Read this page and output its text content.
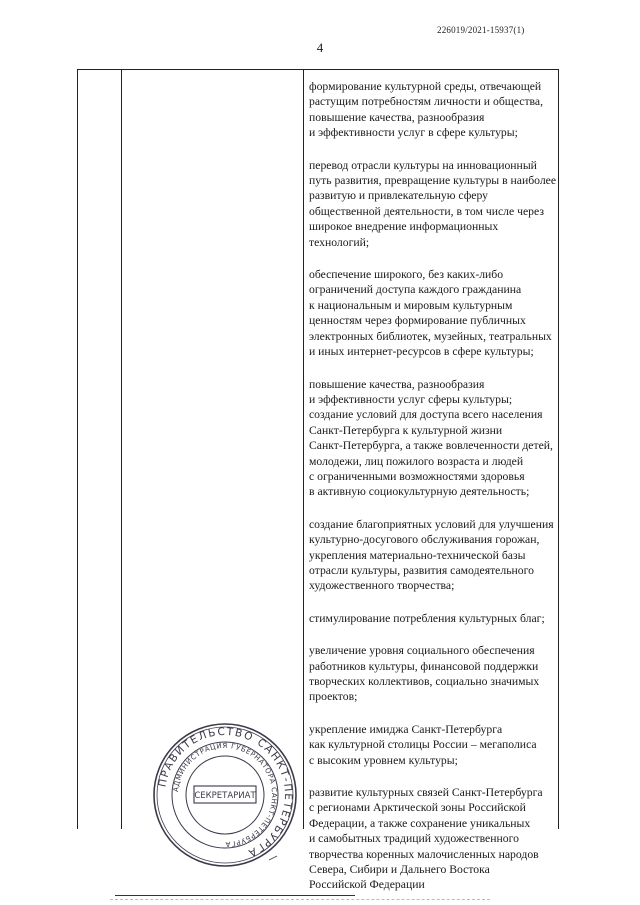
226019/2021-15937(1)
4
формирование культурной среды, отвечающей
растущим потребностям личности и общества,
повышение качества, разнообразия
и эффективности услуг в сфере культуры;
перевод отрасли культуры на инновационный
путь развития, превращение культуры в наиболее
развитую и привлекательную сферу
общественной деятельности, в том числе через
широкое внедрение информационных
технологий;
обеспечение широкого, без каких-либо
ограничений доступа каждого гражданина
к национальным и мировым культурным
ценностям через формирование публичных
электронных библиотек, музейных, театральных
и иных интернет-ресурсов в сфере культуры;
повышение качества, разнообразия
и эффективности услуг сферы культуры;
создание условий для доступа всего населения
Санкт-Петербурга к культурной жизни
Санкт-Петербурга, а также вовлеченности детей,
молодежи, лиц пожилого возраста и людей
с ограниченными возможностями здоровья
в активную социокультурную деятельность;
создание благоприятных условий для улучшения
культурно-досугового обслуживания горожан,
укрепления материально-технической базы
отрасли культуры, развития самодеятельного
художественного творчества;
стимулирование потребления культурных благ;
увеличение уровня социального обеспечения
работников культуры, финансовой поддержки
творческих коллективов, социально значимых
проектов;
укрепление имиджа Санкт-Петербурга
как культурной столицы России – мегаполиса
с высоким уровнем культуры;
развитие культурных связей Санкт-Петербурга
с регионами Арктической зоны Российской
Федерации, а также сохранение уникальных
и самобытных традиций художественного
творчества коренных малочисленных народов
Севера, Сибири и Дальнего Востока
Российской Федерации
ПРАВИТЕЛЬСТВО САНКТ-ПЕТЕРБУРГА
АДМИНИСТРАЦИЯ ГУБЕРНАТОРА САНКТ-ПЕТЕРБУРГА
СЕКРЕТАРИАТ
